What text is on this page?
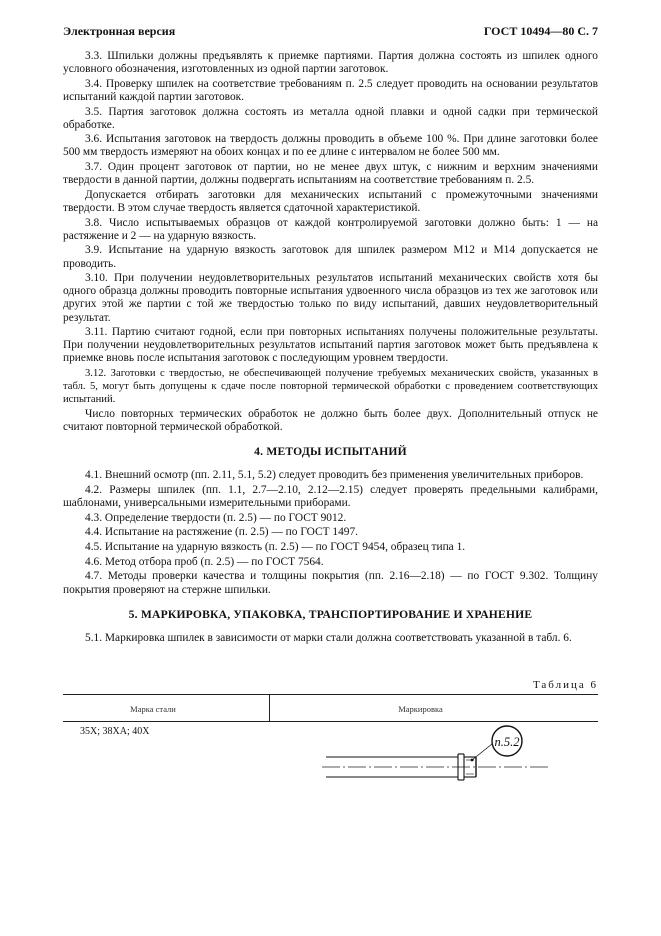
Электронная версия	ГОСТ 10494—80 С. 7

3.3. Шпильки должны предъявлять к приемке партиями. Партия должна состоять из шпилек одного условного обозначения, изготовленных из одной партии заготовок.

3.4. Проверку шпилек на соответствие требованиям п. 2.5 следует проводить на основании результатов испытаний каждой партии заготовок.

3.5. Партия заготовок должна состоять из металла одной плавки и одной садки при термической обработке.

3.6. Испытания заготовок на твердость должны проводить в объеме 100 %. При длине заготовки более 500 мм твердость измеряют на обоих концах и по ее длине с интервалом не более 500 мм.

3.7. Один процент заготовок от партии, но не менее двух штук, с нижним и верхним значениями твердости в данной партии, должны подвергать испытаниям на соответствие требованиям п. 2.5.

Допускается отбирать заготовки для механических испытаний с промежуточными значениями твердости. В этом случае твердость является сдаточной характеристикой.

3.8. Число испытываемых образцов от каждой контролируемой заготовки должно быть: 1 — на растяжение и 2 — на ударную вязкость.

3.9. Испытание на ударную вязкость заготовок для шпилек размером М12 и М14 допускается не проводить.

3.10. При получении неудовлетворительных результатов испытаний механических свойств хотя бы одного образца должны проводить повторные испытания удвоенного числа образцов из тех же заготовок или других этой же партии с той же твердостью только по виду испытаний, давших неудовлетворительный результат.

3.11. Партию считают годной, если при повторных испытаниях получены положительные результаты. При получении неудовлетворительных результатов испытаний партия заготовок может быть предъявлена к приемке вновь после испытания заготовок с последующим уровнем твердости.

3.12. Заготовки с твердостью, не обеспечивающей получение требуемых механических свойств, указанных в табл. 5, могут быть допущены к сдаче после повторной термической обработки с проведением соответствующих испытаний.

Число повторных термических обработок не должно быть более двух. Дополнительный отпуск не считают повторной термической обработкой.

4. МЕТОДЫ ИСПЫТАНИЙ

4.1. Внешний осмотр (пп. 2.11, 5.1, 5.2) следует проводить без применения увеличительных приборов.

4.2. Размеры шпилек (пп. 1.1, 2.7—2.10, 2.12—2.15) следует проверять предельными калибрами, шаблонами, универсальными измерительными приборами.

4.3. Определение твердости (п. 2.5) — по ГОСТ 9012.

4.4. Испытание на растяжение (п. 2.5) — по ГОСТ 1497.

4.5. Испытание на ударную вязкость (п. 2.5) — по ГОСТ 9454, образец типа 1.

4.6. Метод отбора проб (п. 2.5) — по ГОСТ 7564.

4.7. Методы проверки качества и толщины покрытия (пп. 2.16—2.18) — по ГОСТ 9.302. Толщину покрытия проверяют на стержне шпильки.

5. МАРКИРОВКА, УПАКОВКА, ТРАНСПОРТИРОВАНИЕ И ХРАНЕНИЕ

5.1. Маркировка шпилек в зависимости от марки стали должна соответствовать указанной в табл. 6.

Таблица 6
Марка стали	Маркировка
35Х; 38ХА; 40Х
п.5.2
